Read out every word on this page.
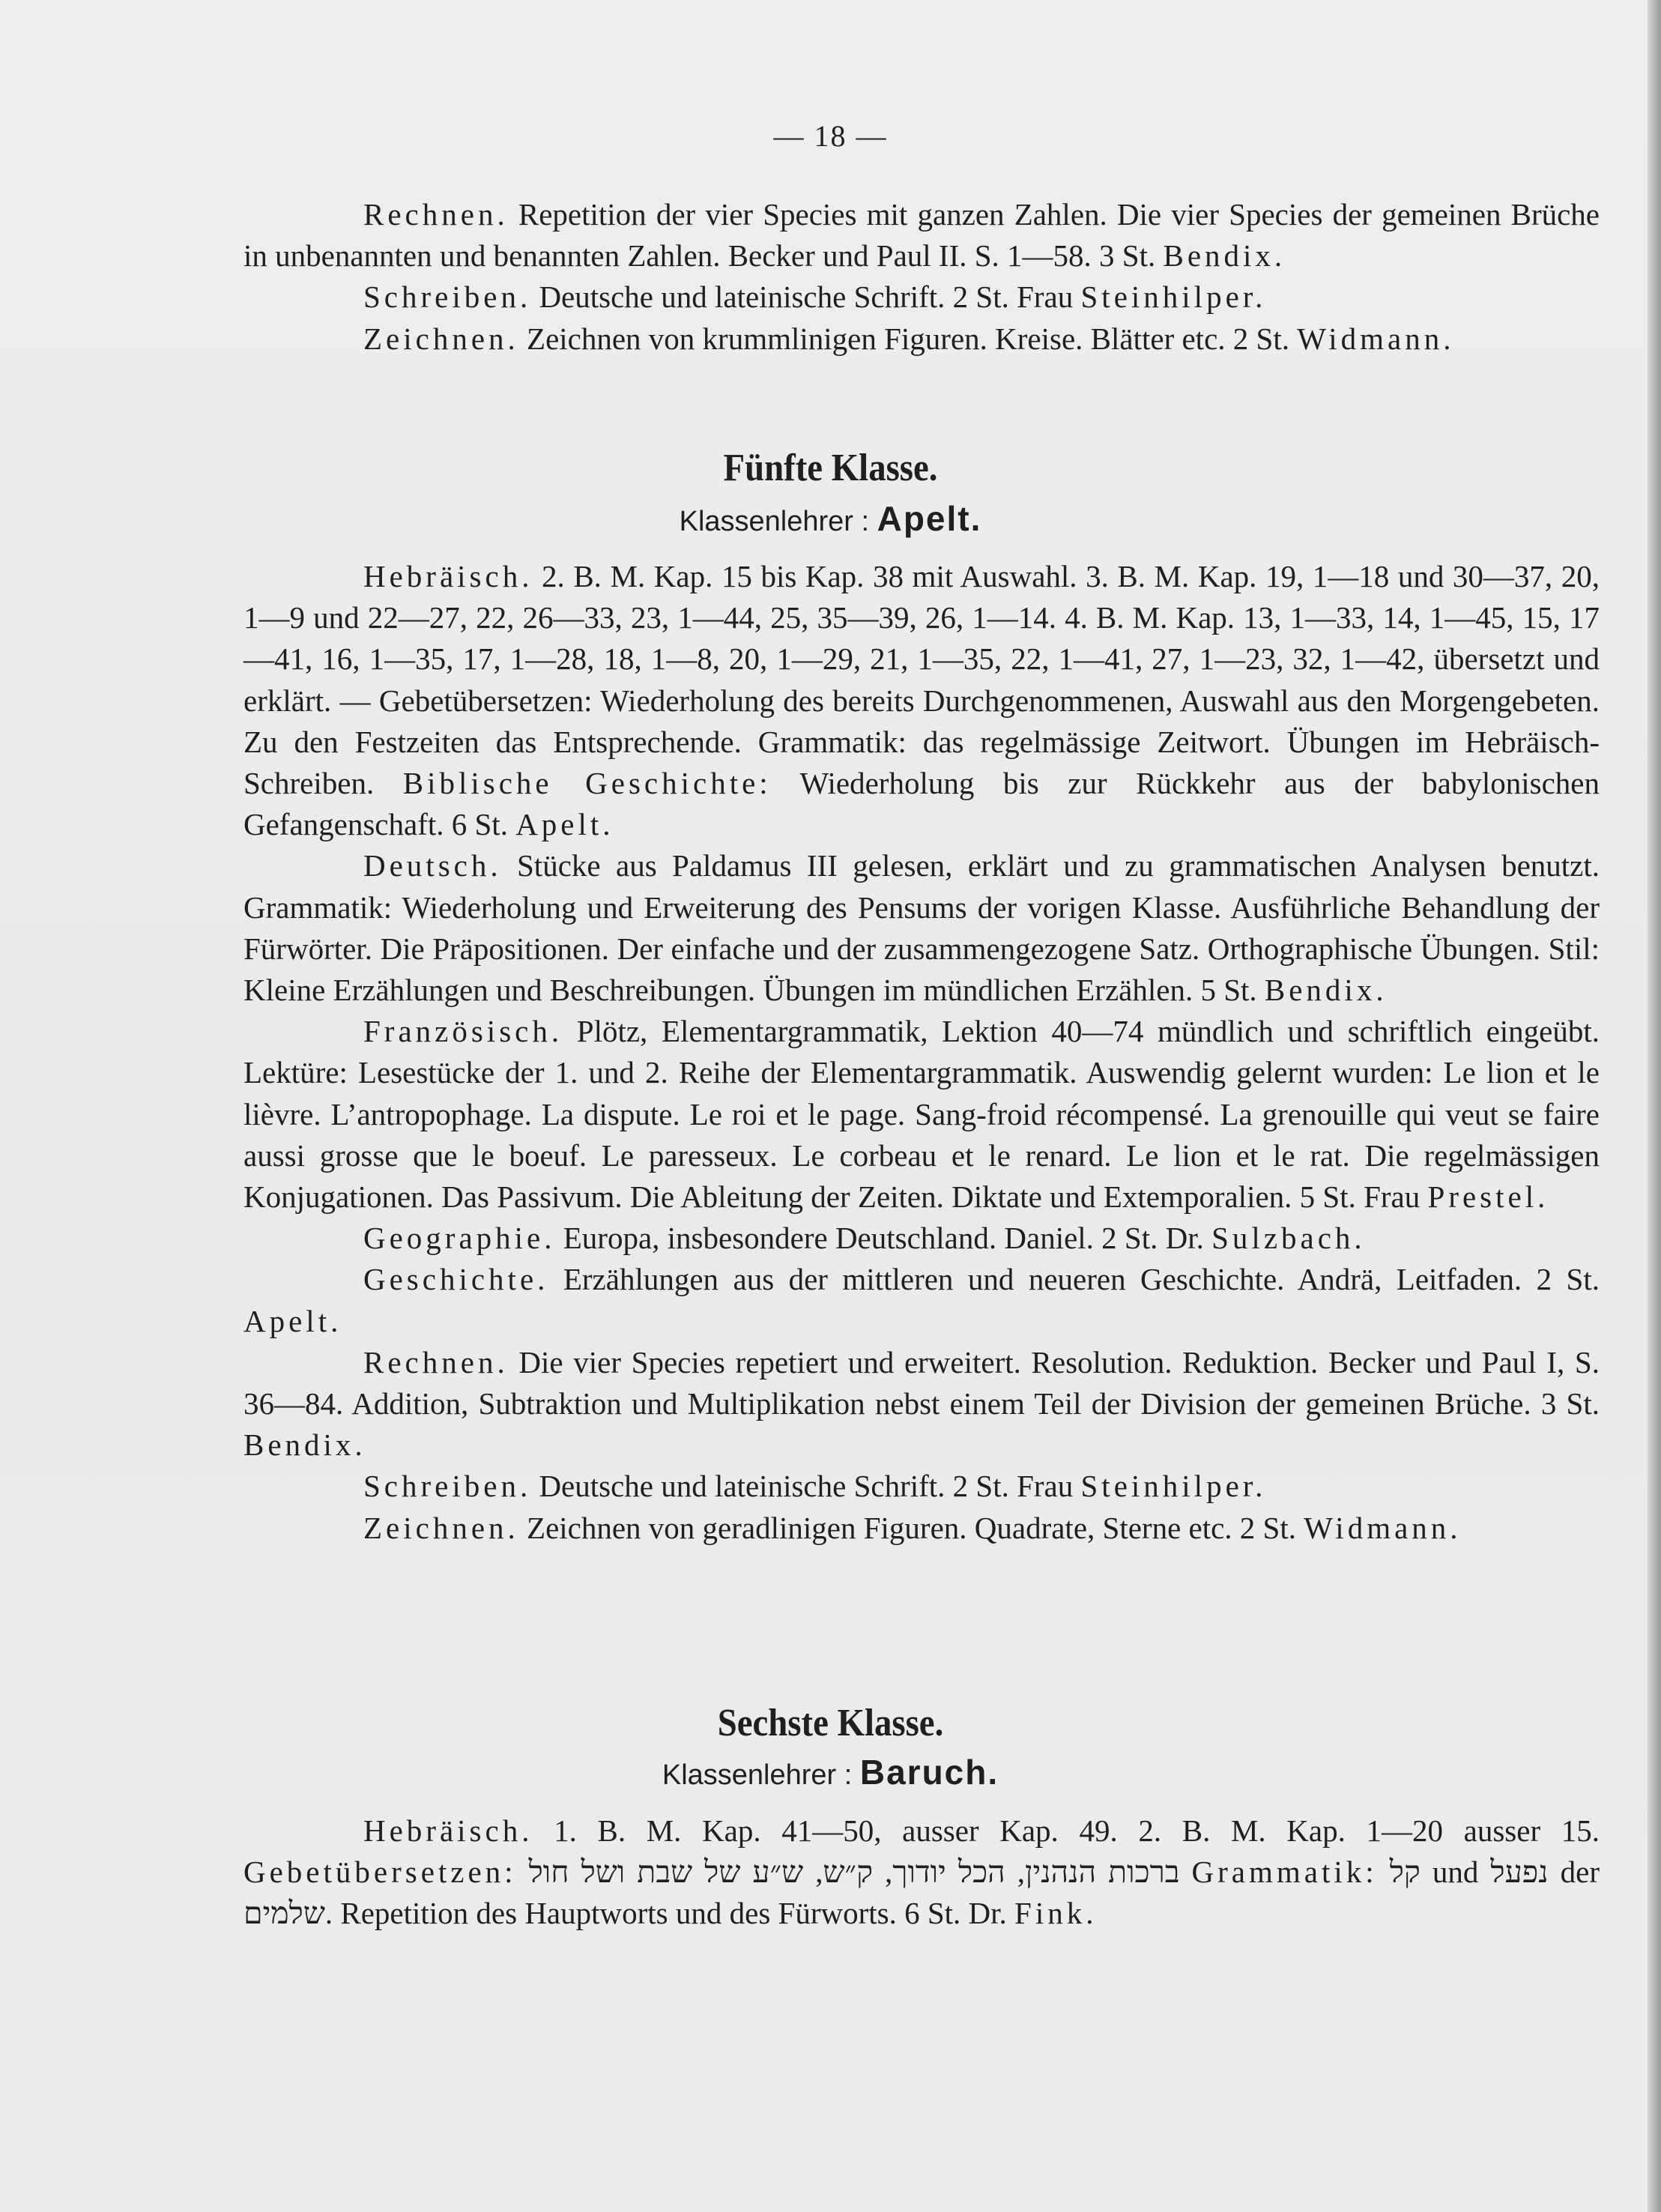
— 18 —

Rechnen. Repetition der vier Species mit ganzen Zahlen. Die vier Species der gemeinen Brüche in unbenannten und benannten Zahlen. Becker und Paul II. S. 1—58. 3 St. Bendix.

Schreiben. Deutsche und lateinische Schrift. 2 St. Frau Steinhilper.

Zeichnen. Zeichnen von krummlinigen Figuren. Kreise. Blätter etc. 2 St. Widmann.

Fünfte Klasse.
Klassenlehrer : Apelt.

Hebräisch. 2. B. M. Kap. 15 bis Kap. 38 mit Auswahl. 3. B. M. Kap. 19, 1—18 und 30—37, 20, 1—9 und 22—27, 22, 26—33, 23, 1—44, 25, 35—39, 26, 1—14. 4. B. M. Kap. 13, 1—33, 14, 1—45, 15, 17—41, 16, 1—35, 17, 1—28, 18, 1—8, 20, 1—29, 21, 1—35, 22, 1—41, 27, 1—23, 32, 1—42, übersetzt und erklärt. — Gebetübersetzen: Wiederholung des bereits Durchgenommenen, Auswahl aus den Morgengebeten. Zu den Festzeiten das Entsprechende. Grammatik: das regelmässige Zeitwort. Übungen im Hebräisch-Schreiben. Biblische Geschichte: Wiederholung bis zur Rückkehr aus der babylonischen Gefangenschaft. 6 St. Apelt.

Deutsch. Stücke aus Paldamus III gelesen, erklärt und zu grammatischen Analysen benutzt. Grammatik: Wiederholung und Erweiterung des Pensums der vorigen Klasse. Ausführliche Behandlung der Fürwörter. Die Präpositionen. Der einfache und der zusammengezogene Satz. Orthographische Übungen. Stil: Kleine Erzählungen und Beschreibungen. Übungen im mündlichen Erzählen. 5 St. Bendix.

Französisch. Plötz, Elementargrammatik, Lektion 40—74 mündlich und schriftlich eingeübt. Lektüre: Lesestücke der 1. und 2. Reihe der Elementargrammatik. Auswendig gelernt wurden: Le lion et le lièvre. L’antropophage. La dispute. Le roi et le page. Sang-froid récompensé. La grenouille qui veut se faire aussi grosse que le boeuf. Le paresseux. Le corbeau et le renard. Le lion et le rat. Die regelmässigen Konjugationen. Das Passivum. Die Ableitung der Zeiten. Diktate und Extemporalien. 5 St. Frau Prestel.

Geographie. Europa, insbesondere Deutschland. Daniel. 2 St. Dr. Sulzbach.

Geschichte. Erzählungen aus der mittleren und neueren Geschichte. Andrä, Leitfaden. 2 St. Apelt.

Rechnen. Die vier Species repetiert und erweitert. Resolution. Reduktion. Becker und Paul I, S. 36—84. Addition, Subtraktion und Multiplikation nebst einem Teil der Division der gemeinen Brüche. 3 St. Bendix.

Schreiben. Deutsche und lateinische Schrift. 2 St. Frau Steinhilper.

Zeichnen. Zeichnen von geradlinigen Figuren. Quadrate, Sterne etc. 2 St. Widmann.

Sechste Klasse.
Klassenlehrer : Baruch.

Hebräisch. 1. B. M. Kap. 41—50, ausser Kap. 49. 2. B. M. Kap. 1—20 ausser 15. Gebetübersetzen: ברכות הנהנין, הכל יודוך, ק״ש, ש״ע של שבת ושל חול Grammatik: קל und נפעל der שלמים. Repetition des Hauptworts und des Fürworts. 6 St. Dr. Fink.
